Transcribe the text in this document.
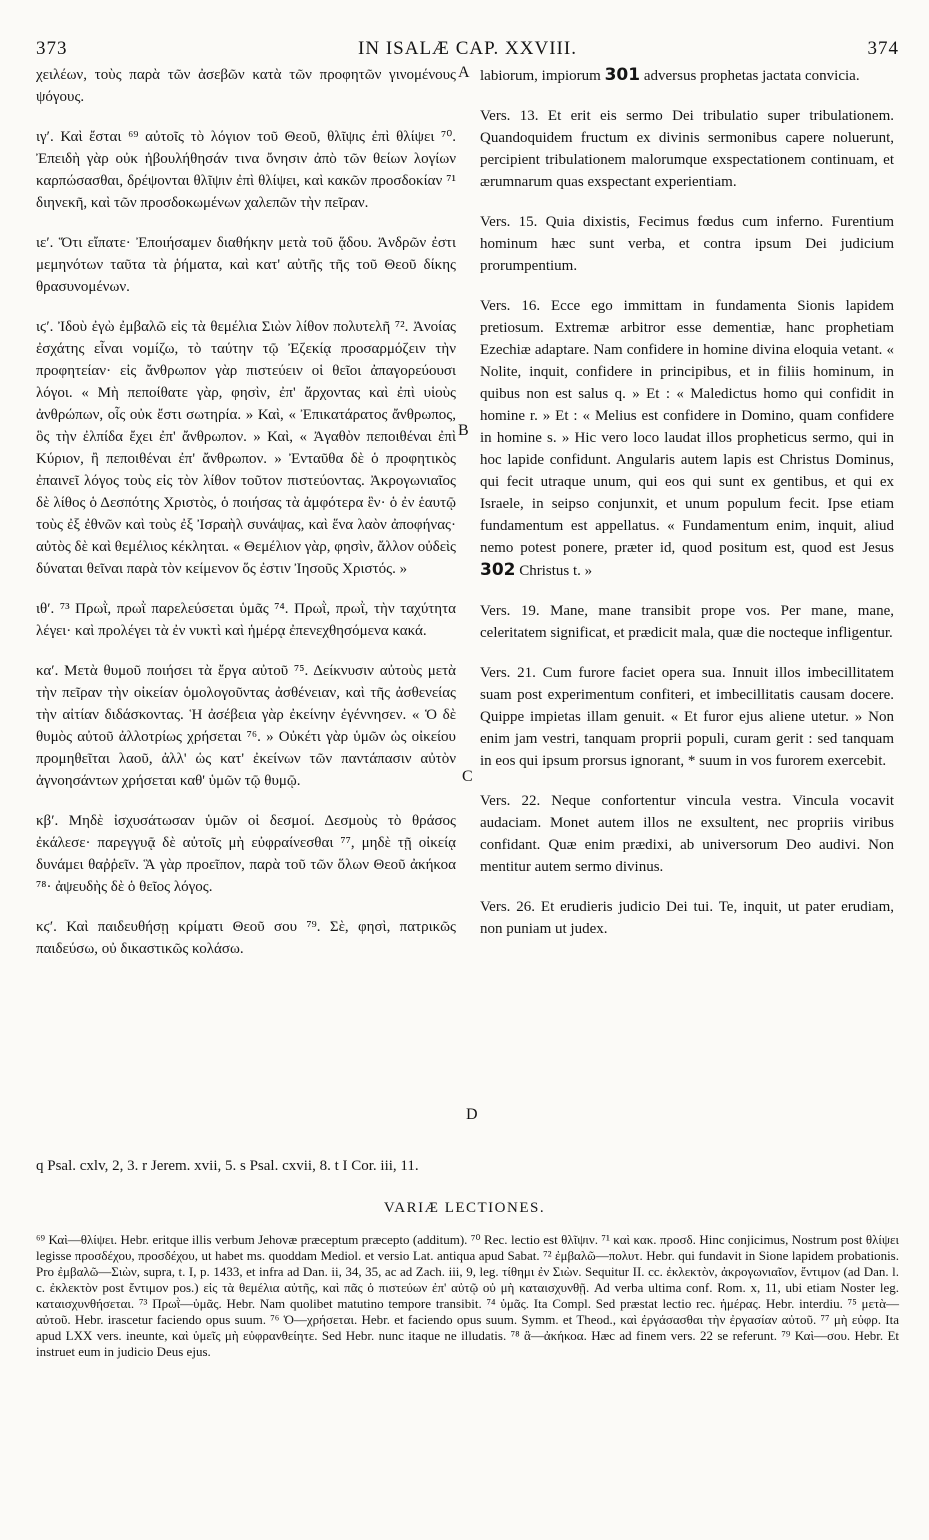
373	IN ISALÆ CAP. XXVIII.	374
A
B
C
D

χειλέων, τοὺς παρὰ τῶν ἀσεβῶν κατὰ τῶν προφητῶν γινομένους ψόγους.

ιγʹ. Καὶ ἔσται ⁶⁹ αὐτοῖς τὸ λόγιον τοῦ Θεοῦ, θλῖψις ἐπὶ θλίψει ⁷⁰. Ἐπειδὴ γὰρ οὐκ ἠβουλήθησάν τινα ὄνησιν ἀπὸ τῶν θείων λογίων καρπώσασθαι, δρέψονται θλῖψιν ἐπὶ θλίψει, καὶ κακῶν προσδοκίαν ⁷¹ διηνεκῆ, καὶ τῶν προσδοκωμένων χαλεπῶν τὴν πεῖραν.

ιεʹ. Ὅτι εἴπατε· Ἐποιήσαμεν διαθήκην μετὰ τοῦ ᾅδου. Ἀνδρῶν ἐστι μεμηνότων ταῦτα τὰ ῥήματα, καὶ κατ' αὐτῆς τῆς τοῦ Θεοῦ δίκης θρασυνομένων.

ιϛʹ. Ἰδοὺ ἐγὼ ἐμβαλῶ εἰς τὰ θεμέλια Σιὼν λίθον πολυτελῆ ⁷². Ἀνοίας ἐσχάτης εἶναι νομίζω, τὸ ταύτην τῷ Ἐζεκίᾳ προσαρμόζειν τὴν προφητείαν· εἰς ἄνθρωπον γὰρ πιστεύειν οἱ θεῖοι ἀπαγορεύουσι λόγοι. « Μὴ πεποίθατε γὰρ, φησὶν, ἐπ' ἄρχοντας καὶ ἐπὶ υἱοὺς ἀνθρώπων, οἷς οὐκ ἔστι σωτηρία. » Καὶ, « Ἐπικατάρατος ἄνθρωπος, ὃς τὴν ἐλπίδα ἔχει ἐπ' ἄνθρωπον. » Καὶ, « Ἀγαθὸν πεποιθέναι ἐπὶ Κύριον, ἢ πεποιθέναι ἐπ' ἄνθρωπον. » Ἐνταῦθα δὲ ὁ προφητικὸς ἐπαινεῖ λόγος τοὺς εἰς τὸν λίθον τοῦτον πιστεύοντας. Ἀκρογωνιαῖος δὲ λίθος ὁ Δεσπότης Χριστὸς, ὁ ποιήσας τὰ ἀμφότερα ἓν· ὁ ἐν ἑαυτῷ τοὺς ἐξ ἐθνῶν καὶ τοὺς ἐξ Ἰσραὴλ συνάψας, καὶ ἕνα λαὸν ἀποφήνας· αὐτὸς δὲ καὶ θεμέλιος κέκληται. « Θεμέλιον γὰρ, φησὶν, ἄλλον οὐδεὶς δύναται θεῖναι παρὰ τὸν κείμενον ὅς ἐστιν Ἰησοῦς Χριστός. »

ιθʹ. ⁷³ Πρωῒ, πρωῒ παρελεύσεται ὑμᾶς ⁷⁴. Πρωῒ, πρωῒ, τὴν ταχύτητα λέγει· καὶ προλέγει τὰ ἐν νυκτὶ καὶ ἡμέρᾳ ἐπενεχθησόμενα κακά.

καʹ. Μετὰ θυμοῦ ποιήσει τὰ ἔργα αὐτοῦ ⁷⁵. Δείκνυσιν αὐτοὺς μετὰ τὴν πεῖραν τὴν οἰκείαν ὁμολογοῦντας ἀσθένειαν, καὶ τῆς ἀσθενείας τὴν αἰτίαν διδάσκοντας. Ἡ ἀσέβεια γὰρ ἐκείνην ἐγέννησεν. « Ὁ δὲ θυμὸς αὐτοῦ ἀλλοτρίως χρήσεται ⁷⁶. » Οὐκέτι γὰρ ὑμῶν ὡς οἰκείου προμηθεῖται λαοῦ, ἀλλ' ὡς κατ' ἐκείνων τῶν παντάπασιν αὐτὸν ἀγνοησάντων χρήσεται καθ' ὑμῶν τῷ θυμῷ.

κβʹ. Μηδὲ ἰσχυσάτωσαν ὑμῶν οἱ δεσμοί. Δεσμοὺς τὸ θράσος ἐκάλεσε· παρεγγυᾷ δὲ αὐτοῖς μὴ εὐφραίνεσθαι ⁷⁷, μηδὲ τῇ οἰκείᾳ δυνάμει θαῤῥεῖν. Ἃ γὰρ προεῖπον, παρὰ τοῦ τῶν ὅλων Θεοῦ ἀκήκοα ⁷⁸· ἀψευδὴς δὲ ὁ θεῖος λόγος.

κϛʹ. Καὶ παιδευθήσῃ κρίματι Θεοῦ σου ⁷⁹. Σὲ, φησὶ, πατρικῶς παιδεύσω, οὐ δικαστικῶς κολάσω.

labiorum, impiorum 301 adversus prophetas jactata convicia.

Vers. 13. Et erit eis sermo Dei tribulatio super tribulationem. Quandoquidem fructum ex divinis sermonibus capere noluerunt, percipient tribulationem malorumque exspectationem continuam, et ærumnarum quas exspectant experientiam.

Vers. 15. Quia dixistis, Fecimus fœdus cum inferno. Furentium hominum hæc sunt verba, et contra ipsum Dei judicium prorumpentium.

Vers. 16. Ecce ego immittam in fundamenta Sionis lapidem pretiosum. Extremæ arbitror esse dementiæ, hanc prophetiam Ezechiæ adaptare. Nam confidere in homine divina eloquia vetant. « Nolite, inquit, confidere in principibus, et in filiis hominum, in quibus non est salus q. » Et : « Maledictus homo qui confidit in homine r. » Et : « Melius est confidere in Domino, quam confidere in homine s. » Hic vero loco laudat illos propheticus sermo, qui in hoc lapide confidunt. Angularis autem lapis est Christus Dominus, qui fecit utraque unum, qui eos qui sunt ex gentibus, et qui ex Israele, in seipso conjunxit, et unum populum fecit. Ipse etiam fundamentum est appellatus. « Fundamentum enim, inquit, aliud nemo potest ponere, præter id, quod positum est, quod est Jesus 302 Christus t. »

Vers. 19. Mane, mane transibit prope vos. Per mane, mane, celeritatem significat, et prædicit mala, quæ die nocteque infligentur.

Vers. 21. Cum furore faciet opera sua. Innuit illos imbecillitatem suam post experimentum confiteri, et imbecillitatis causam docere. Quippe impietas illam genuit. « Et furor ejus aliene utetur. » Non enim jam vestri, tanquam proprii populi, curam gerit : sed tanquam in eos qui ipsum prorsus ignorant, * suum in vos furorem exercebit.

Vers. 22. Neque confortentur vincula vestra. Vincula vocavit audaciam. Monet autem illos ne exsultent, nec propriis viribus confidant. Quæ enim prædixi, ab universorum Deo audivi. Non mentitur autem sermo divinus.

Vers. 26. Et erudieris judicio Dei tui. Te, inquit, ut pater erudiam, non puniam ut judex.

q Psal. cxlv, 2, 3. r Jerem. xvii, 5. s Psal. cxvii, 8. t I Cor. iii, 11.
VARIÆ LECTIONES.
⁶⁹ Καὶ—θλίψει. Hebr. eritque illis verbum Jehovæ præceptum præcepto (additum). ⁷⁰ Rec. lectio est θλῖψιν. ⁷¹ καὶ κακ. προσδ. Hinc conjicimus, Nostrum post θλίψει legisse προσδέχου, προσδέχου, ut habet ms. quoddam Mediol. et versio Lat. antiqua apud Sabat. ⁷² ἐμβαλῶ—πολυτ. Hebr. qui fundavit in Sione lapidem probationis. Pro ἐμβαλῶ—Σιὼν, supra, t. I, p. 1433, et infra ad Dan. ii, 34, 35, ac ad Zach. iii, 9, leg. τίθημι ἐν Σιὼν. Sequitur II. cc. ἐκλεκτὸν, ἀκρογωνιαῖον, ἔντιμον (ad Dan. l. c. ἐκλεκτὸν post ἔντιμον pos.) εἰς τὰ θεμέλια αὐτῆς, καὶ πᾶς ὁ πιστεύων ἐπ' αὐτῷ οὐ μὴ καταισχυνθῇ. Ad verba ultima conf. Rom. x, 11, ubi etiam Noster leg. καταισχυνθήσεται. ⁷³ Πρωῒ—ὑμᾶς. Hebr. Nam quolibet matutino tempore transibit. ⁷⁴ ὑμᾶς. Ita Compl. Sed præstat lectio rec. ἡμέρας. Hebr. interdiu. ⁷⁵ μετὰ—αὐτοῦ. Hebr. irascetur faciendo opus suum. ⁷⁶ Ὁ—χρήσεται. Hebr. et faciendo opus suum. Symm. et Theod., καὶ ἐργάσασθαι τὴν ἐργασίαν αὐτοῦ. ⁷⁷ μὴ εὐφρ. Ita apud LXX vers. ineunte, καὶ ὑμεῖς μὴ εὐφρανθείητε. Sed Hebr. nunc itaque ne illudatis. ⁷⁸ ἃ—ἀκήκοα. Hæc ad finem vers. 22 se referunt. ⁷⁹ Καὶ—σου. Hebr. Et instruet eum in judicio Deus ejus.
